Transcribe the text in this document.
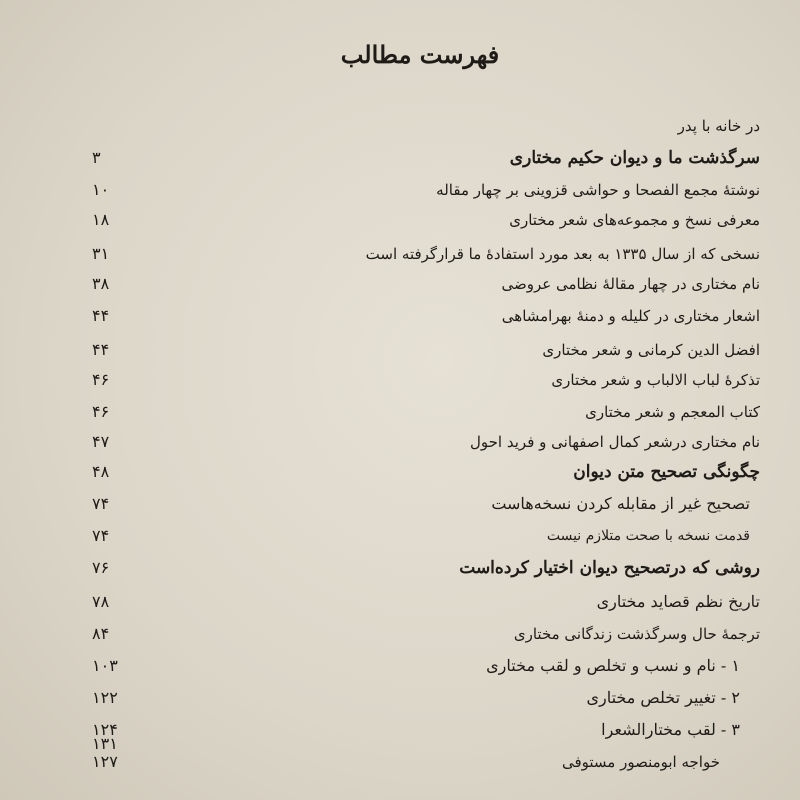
فهرست مطالب
در خانه با پدر
سرگذشت ما و دیوان حکیم مختاری
۳
نوشتهٔ مجمع الفصحا و حواشی قزوینی بر چهار مقاله
۱۰
معرفی نسخ و مجموعه‌های شعر مختاری
۱۸
نسخی که از سال ۱۳۳۵ به بعد مورد استفادهٔ ما قرارگرفته است
۳۱
نام مختاری در چهار مقالهٔ نظامی عروضی
۳۸
اشعار مختاری در کلیله و دمنهٔ بهرامشاهی
۴۴
افضل الدین کرمانی و شعر مختاری
۴۴
تذکرهٔ لباب الالباب و شعر مختاری
۴۶
کتاب المعجم و شعر مختاری
۴۶
نام مختاری درشعر کمال اصفهانی و فرید احول
۴۷
چگونگی تصحیح متن دیوان
۴۸
تصحیح غیر از مقابله کردن نسخه‌هاست
۷۴
قدمت نسخه با صحت متلازم نیست
۷۴
روشی که درتصحیح دیوان اختیار کرده‌است
۷۶
تاریخ نظم قصاید مختاری
۷۸
ترجمهٔ حال وسرگذشت زندگانی مختاری
۸۴
۱ - نام و نسب و تخلص و لقب مختاری
۱۰۳
۲ - تغییر تخلص مختاری
۱۲۲
۳ - لقب مختارالشعرا
۱۲۴
خواجه ابومنصور مستوفی
۱۲۷
۱۳۱
